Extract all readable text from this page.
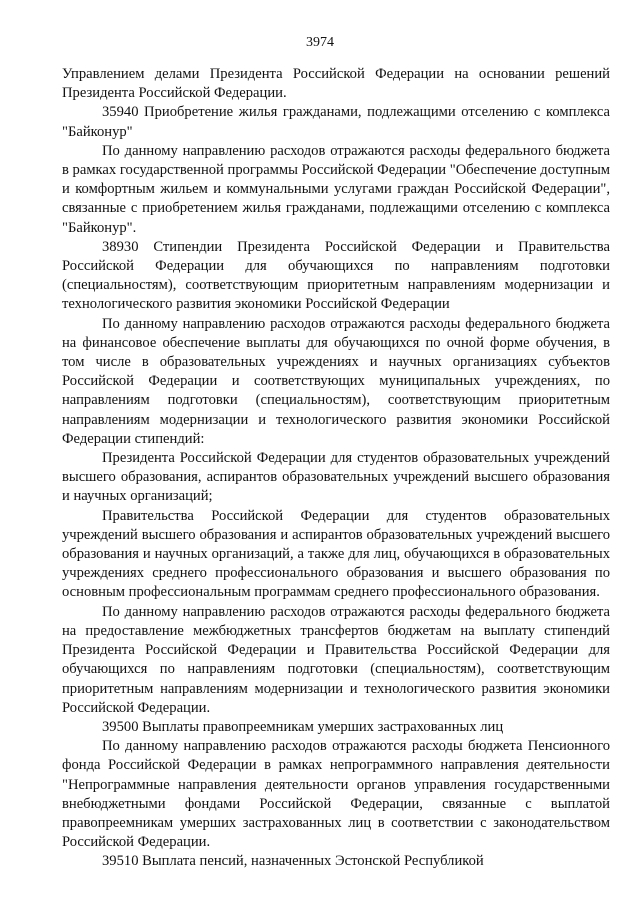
3974

Управлением делами Президента Российской Федерации на основании решений Президента Российской Федерации.

35940 Приобретение жилья гражданами, подлежащими отселению с комплекса "Байконур"

По данному направлению расходов отражаются расходы федерального бюджета в рамках государственной программы Российской Федерации "Обеспечение доступным и комфортным жильем и коммунальными услугами граждан Российской Федерации", связанные с приобретением жилья гражданами, подлежащими отселению с комплекса "Байконур".

38930 Стипендии Президента Российской Федерации и Правительства Российской Федерации для обучающихся по направлениям подготовки (специальностям), соответствующим приоритетным направлениям модернизации и технологического развития экономики Российской Федерации

По данному направлению расходов отражаются расходы федерального бюджета на финансовое обеспечение выплаты для обучающихся по очной форме обучения, в том числе в образовательных учреждениях и научных организациях субъектов Российской Федерации и соответствующих муниципальных учреждениях, по направлениям подготовки (специальностям), соответствующим приоритетным направлениям модернизации и технологического развития экономики Российской Федерации стипендий:

Президента Российской Федерации для студентов образовательных учреждений высшего образования, аспирантов образовательных учреждений высшего образования и научных организаций;

Правительства Российской Федерации для студентов образовательных учреждений высшего образования и аспирантов образовательных учреждений высшего образования и научных организаций, а также для лиц, обучающихся в образовательных учреждениях среднего профессионального образования и высшего образования по основным профессиональным программам среднего профессионального образования.

По данному направлению расходов отражаются расходы федерального бюджета на предоставление межбюджетных трансфертов бюджетам на выплату стипендий Президента Российской Федерации и Правительства Российской Федерации для обучающихся по направлениям подготовки (специальностям), соответствующим приоритетным направлениям модернизации и технологического развития экономики Российской Федерации.

39500 Выплаты правопреемникам умерших застрахованных лиц

По данному направлению расходов отражаются расходы бюджета Пенсионного фонда Российской Федерации в рамках непрограммного направления деятельности "Непрограммные направления деятельности органов управления государственными внебюджетными фондами Российской Федерации, связанные с выплатой правопреемникам умерших застрахованных лиц в соответствии с законодательством Российской Федерации.

39510 Выплата пенсий, назначенных Эстонской Республикой
